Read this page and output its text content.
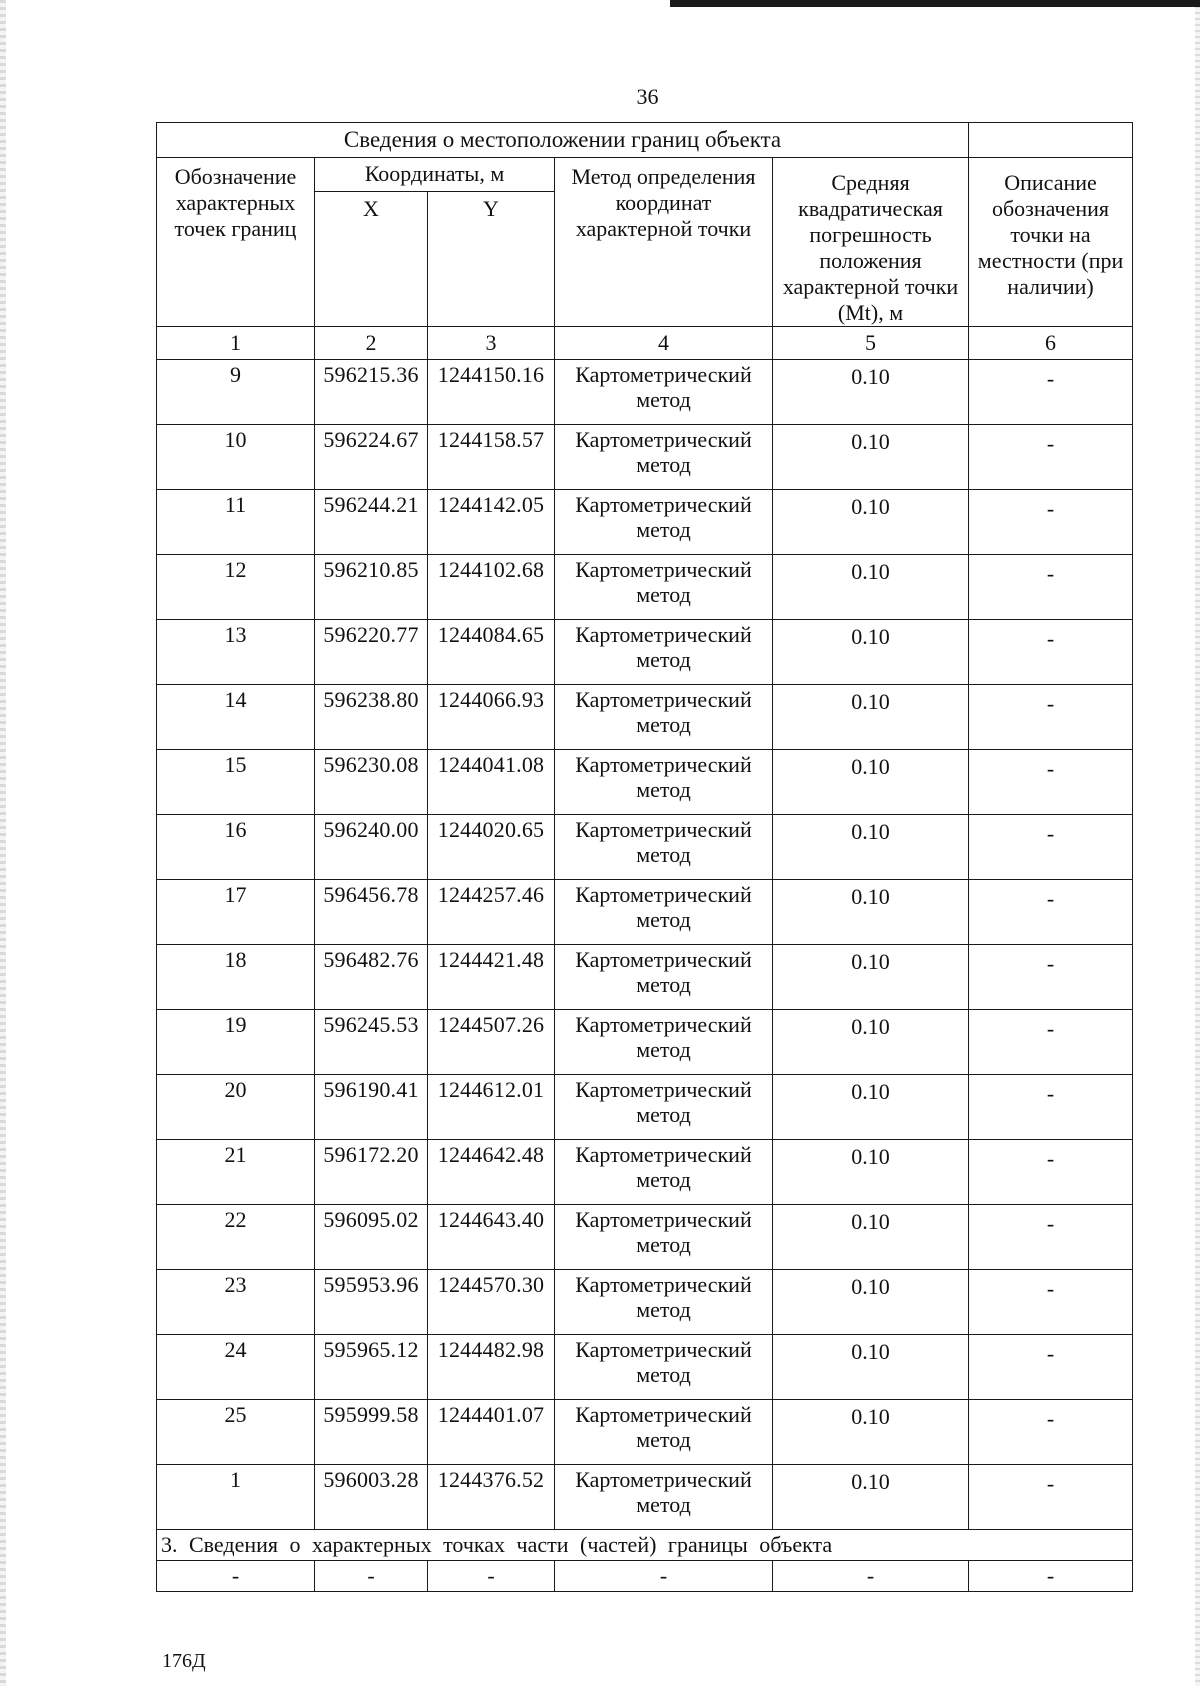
36
Сведения о местоположении границ объекта					
Обозначение характерных точек границ	Координаты, м		Метод определения координат характерной точки	Средняя квадратическая погрешность положения характерной точки (Mt), м	Описание обозначения точки на местности (при наличии)
	X	Y			
1	2	3	4	5	6
9	596215.36	1244150.16	Картометрический метод	0.10	-
10	596224.67	1244158.57	Картометрический метод	0.10	-
11	596244.21	1244142.05	Картометрический метод	0.10	-
12	596210.85	1244102.68	Картометрический метод	0.10	-
13	596220.77	1244084.65	Картометрический метод	0.10	-
14	596238.80	1244066.93	Картометрический метод	0.10	-
15	596230.08	1244041.08	Картометрический метод	0.10	-
16	596240.00	1244020.65	Картометрический метод	0.10	-
17	596456.78	1244257.46	Картометрический метод	0.10	-
18	596482.76	1244421.48	Картометрический метод	0.10	-
19	596245.53	1244507.26	Картометрический метод	0.10	-
20	596190.41	1244612.01	Картометрический метод	0.10	-
21	596172.20	1244642.48	Картометрический метод	0.10	-
22	596095.02	1244643.40	Картометрический метод	0.10	-
23	595953.96	1244570.30	Картометрический метод	0.10	-
24	595965.12	1244482.98	Картометрический метод	0.10	-
25	595999.58	1244401.07	Картометрический метод	0.10	-
1	596003.28	1244376.52	Картометрический метод	0.10	-
3. Сведения о характерных точках части (частей) границы объекта					
-	-	-	-	-	-
176Д
